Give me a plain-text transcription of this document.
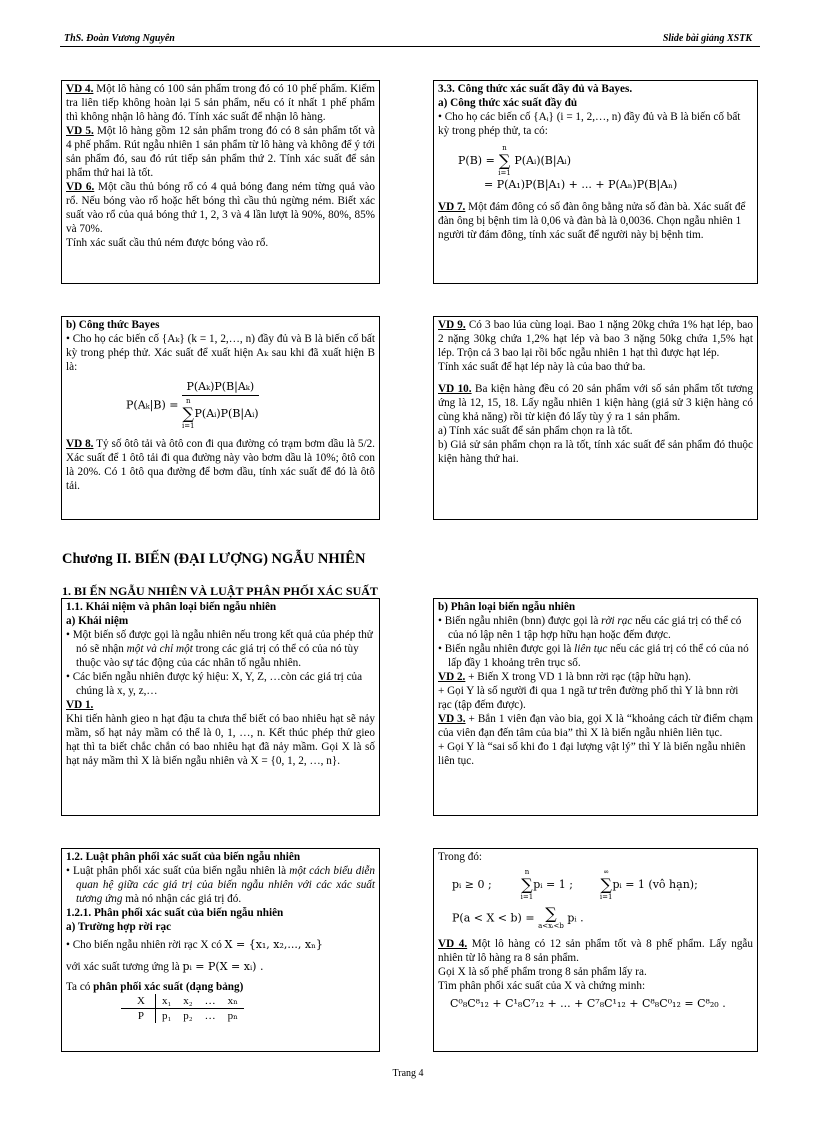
ThS. Đoàn Vương Nguyên	Slide bài giảng XSTK

VD 4. Một lô hàng có 100 sản phẩm trong đó có 10 phế phẩm. Kiểm tra liên tiếp không hoàn lại 5 sản phẩm, nếu có ít nhất 1 phế phẩm thì không nhận lô hàng đó. Tính xác suất để nhận lô hàng.

VD 5. Một lô hàng gồm 12 sản phẩm trong đó có 8 sản phẩm tốt và 4 phế phẩm. Rút ngẫu nhiên 1 sản phẩm từ lô hàng và không để ý tới sản phẩm đó, sau đó rút tiếp sản phẩm thứ 2. Tính xác suất để sản phẩm thứ hai là tốt.

VD 6. Một cầu thủ bóng rổ có 4 quả bóng đang ném từng quả vào rổ. Nếu bóng vào rổ hoặc hết bóng thì cầu thủ ngừng ném. Biết xác suất vào rổ của quả bóng thứ 1, 2, 3 và 4 lần lượt là 90%, 80%, 85% và 70%.

Tính xác suất cầu thủ ném được bóng vào rổ.

3.3. Công thức xác suất đầy đủ và Bayes.

a) Công thức xác suất đầy đủ

• Cho họ các biến cố {Aᵢ} (i = 1, 2,…, n) đầy đủ và B là biến cố bất kỳ trong phép thử, ta có:

P(B) =
n
∑
i=1
P(Aᵢ)(B|Aᵢ)
= P(A₁)P(B|A₁) + ... + P(Aₙ)P(B|Aₙ)

VD 7. Một đám đông có số đàn ông bằng nửa số đàn bà. Xác suất để đàn ông bị bệnh tim là 0,06 và đàn bà là 0,0036. Chọn ngẫu nhiên 1 người từ đám đông, tính xác suất để người này bị bệnh tim.

b) Công thức Bayes

• Cho họ các biến cố {Aₖ} (k = 1, 2,…, n) đầy đủ và B là biến cố bất kỳ trong phép thử. Xác suất để xuất hiện Aₖ sau khi đã xuất hiện B là:

P(Aₖ|B) = P(Aₖ)P(B|Aₖ)
n
∑
i=1
P(Aᵢ)P(B|Aᵢ)

VD 8. Tỷ số ôtô tải và ôtô con đi qua đường có trạm bơm dầu là 5/2. Xác suất để 1 ôtô tải đi qua đường này vào bơm dầu là 10%; ôtô con là 20%. Có 1 ôtô qua đường để bơm dầu, tính xác suất để đó là ôtô tải.

VD 9. Có 3 bao lúa cùng loại. Bao 1 nặng 20kg chứa 1% hạt lép, bao 2 nặng 30kg chứa 1,2% hạt lép và bao 3 nặng 50kg chứa 1,5% hạt lép. Trộn cả 3 bao lại rồi bốc ngẫu nhiên 1 hạt thì được hạt lép.

Tính xác suất để hạt lép này là của bao thứ ba.

VD 10. Ba kiện hàng đều có 20 sản phẩm với số sản phẩm tốt tương ứng là 12, 15, 18. Lấy ngẫu nhiên 1 kiện hàng (giả sử 3 kiện hàng có cùng khả năng) rồi từ kiện đó lấy tùy ý ra 1 sản phẩm.

a) Tính xác suất để sản phẩm chọn ra là tốt.

b) Giả sử sản phẩm chọn ra là tốt, tính xác suất để sản phẩm đó thuộc kiện hàng thứ hai.

Chương II. BIẾN (ĐẠI LƯỢNG) NGẪU NHIÊN
1. BI ẾN NGẪU NHIÊN VÀ LUẬT PHÂN PHỐI XÁC SUẤT

1.1. Khái niệm và phân loại biến ngẫu nhiên

a) Khái niệm

• Một biến số được gọi là ngẫu nhiên nếu trong kết quả của phép thử nó sẽ nhận một và chỉ một trong các giá trị có thể có của nó tùy thuộc vào sự tác động của các nhân tố ngẫu nhiên.

• Các biến ngẫu nhiên được ký hiệu: X, Y, Z, …còn các giá trị của chúng là x, y, z,…

VD 1.

Khi tiến hành gieo n hạt đậu ta chưa thể biết có bao nhiêu hạt sẽ nảy mầm, số hạt nảy mầm có thể là 0, 1, …, n. Kết thúc phép thử gieo hạt thì ta biết chắc chắn có bao nhiêu hạt đã nảy mầm. Gọi X là số hạt nảy mầm thì X là biến ngẫu nhiên và X = {0, 1, 2, …, n}.

b) Phân loại biến ngẫu nhiên

• Biến ngẫu nhiên (bnn) được gọi là rời rạc nếu các giá trị có thể có của nó lập nên 1 tập hợp hữu hạn hoặc đếm được.

• Biến ngẫu nhiên được gọi là liên tục nếu các giá trị có thể có của nó lấp đầy 1 khoảng trên trục số.

VD 2. + Biến X trong VD 1 là bnn rời rạc (tập hữu hạn).

+ Gọi Y là số người đi qua 1 ngã tư trên đường phố thì Y là bnn rời rạc (tập đếm được).

VD 3. + Bắn 1 viên đạn vào bia, gọi X là “khoảng cách từ điểm chạm của viên đạn đến tâm của bia” thì X là biến ngẫu nhiên liên tục.

+ Gọi Y là “sai số khi đo 1 đại lượng vật lý” thì Y là biến ngẫu nhiên liên tục.

1.2. Luật phân phối xác suất của biến ngẫu nhiên

• Luật phân phối xác suất của biến ngẫu nhiên là một cách biểu diễn quan hệ giữa các giá trị của biến ngẫu nhiên với các xác suất tương ứng mà nó nhận các giá trị đó.

1.2.1. Phân phối xác suất của biến ngẫu nhiên

a) Trường hợp rời rạc

• Cho biến ngẫu nhiên rời rạc X có X = {x₁, x₂,..., xₙ}

với xác suất tương ứng là pᵢ = P(X = xᵢ) .

Ta có phân phối xác suất (dạng bảng)

X	x₁	x₂	…	xₙ
P	p₁	p₂	…	pₙ

Trong đó:

pᵢ ≥ 0 ;
n
∑
i=1
pᵢ = 1 ;
∞
∑
i=1
pᵢ = 1 (vô hạn);
P(a < X < b) = ∑
a<xᵢ<b
pᵢ .

VD 4. Một lô hàng có 12 sản phẩm tốt và 8 phế phẩm. Lấy ngẫu nhiên từ lô hàng ra 8 sản phẩm.

Gọi X là số phế phẩm trong 8 sản phẩm lấy ra.

Tìm phân phối xác suất của X và chứng minh:

C⁰₈C⁸₁₂ + C¹₈C⁷₁₂ + ... + C⁷₈C¹₁₂ + C⁸₈C⁰₁₂ = C⁸₂₀ .

Trang 4
